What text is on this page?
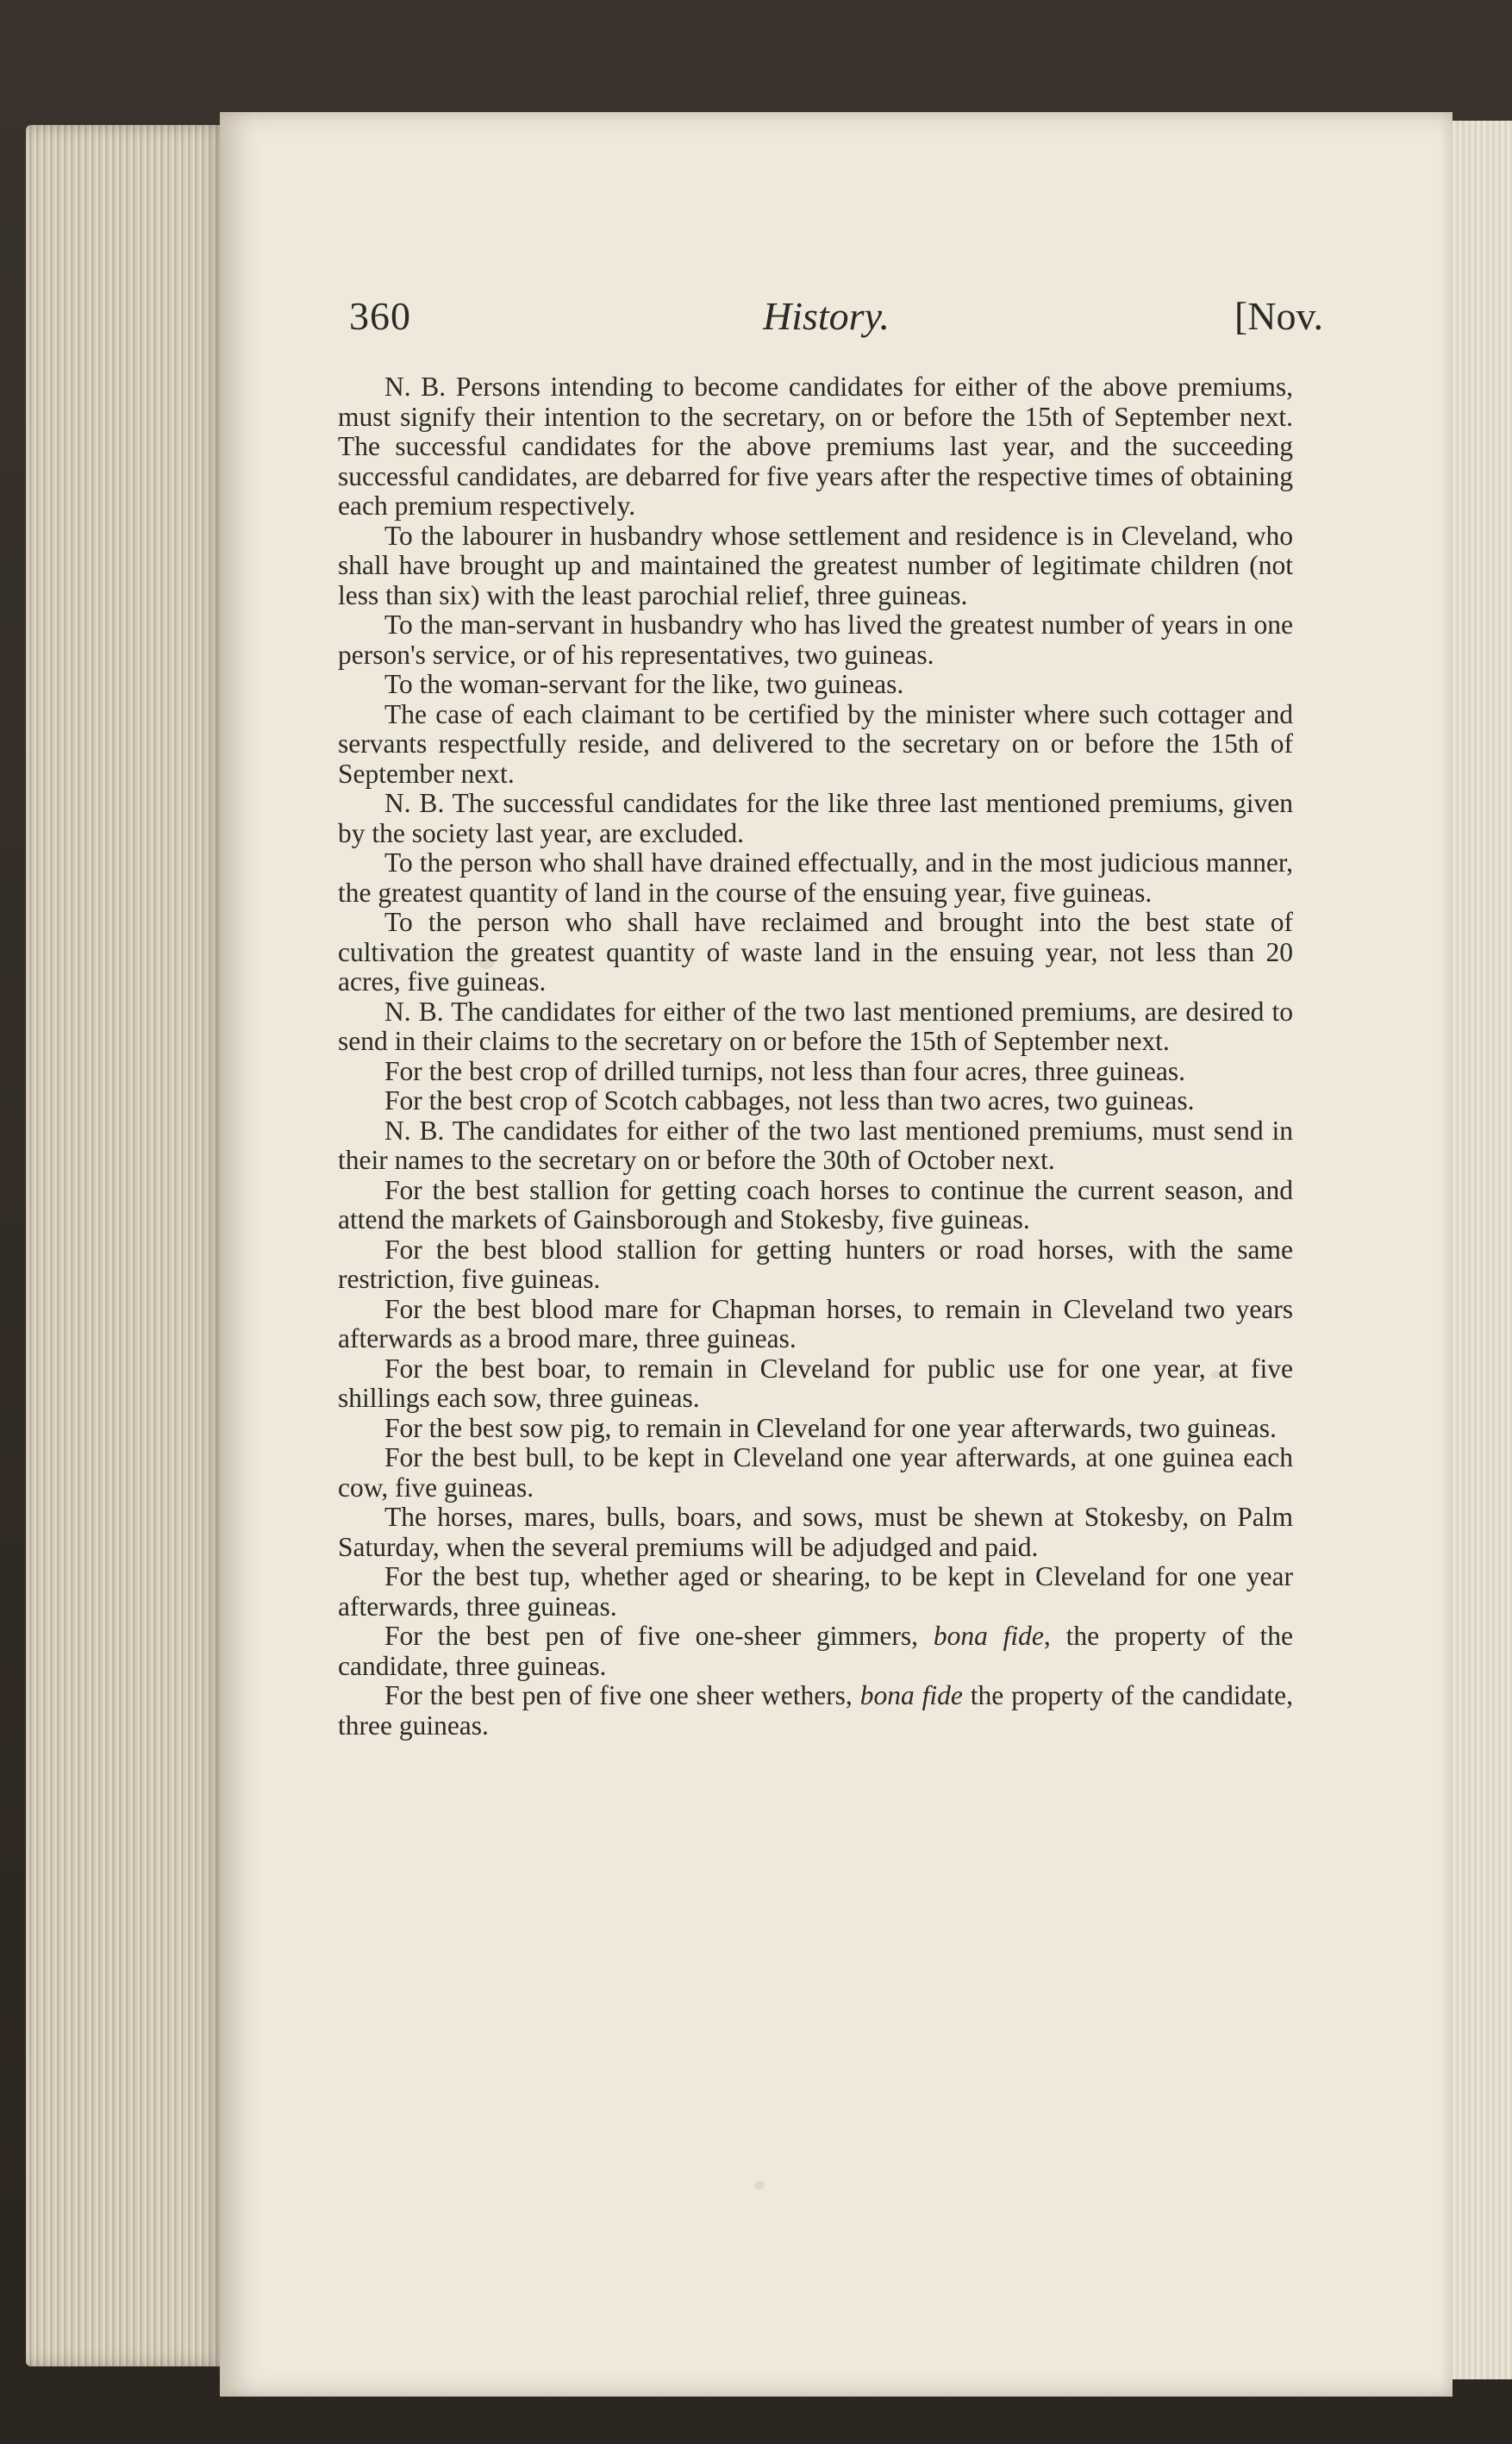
360	History.	[Nov.

N. B. Persons intending to become candidates for either of the above premiums, must signify their intention to the secretary, on or before the 15th of September next. The successful candidates for the above premiums last year, and the succeeding successful candidates, are debarred for five years after the respective times of obtaining each premium respectively.

To the labourer in husbandry whose settlement and residence is in Cleveland, who shall have brought up and maintained the greatest number of legitimate children (not less than six) with the least parochial relief, three guineas.

To the man-servant in husbandry who has lived the greatest number of years in one person's service, or of his representatives, two guineas.

To the woman-servant for the like, two guineas.

The case of each claimant to be certified by the minister where such cottager and servants respectfully reside, and delivered to the secretary on or before the 15th of September next.

N. B. The successful candidates for the like three last mentioned premiums, given by the society last year, are excluded.

To the person who shall have drained effectually, and in the most judicious manner, the greatest quantity of land in the course of the ensuing year, five guineas.

To the person who shall have reclaimed and brought into the best state of cultivation the greatest quantity of waste land in the ensuing year, not less than 20 acres, five guineas.

N. B. The candidates for either of the two last mentioned premiums, are desired to send in their claims to the secretary on or before the 15th of September next.

For the best crop of drilled turnips, not less than four acres, three guineas.

For the best crop of Scotch cabbages, not less than two acres, two guineas.

N. B. The candidates for either of the two last mentioned premiums, must send in their names to the secretary on or before the 30th of October next.

For the best stallion for getting coach horses to continue the current season, and attend the markets of Gainsborough and Stokesby, five guineas.

For the best blood stallion for getting hunters or road horses, with the same restriction, five guineas.

For the best blood mare for Chapman horses, to remain in Cleveland two years afterwards as a brood mare, three guineas.

For the best boar, to remain in Cleveland for public use for one year, at five shillings each sow, three guineas.

For the best sow pig, to remain in Cleveland for one year afterwards, two guineas.

For the best bull, to be kept in Cleveland one year afterwards, at one guinea each cow, five guineas.

The horses, mares, bulls, boars, and sows, must be shewn at Stokesby, on Palm Saturday, when the several premiums will be adjudged and paid.

For the best tup, whether aged or shearing, to be kept in Cleveland for one year afterwards, three guineas.

For the best pen of five one-sheer gimmers, bona fide, the property of the candidate, three guineas.

For the best pen of five one sheer wethers, bona fide the property of the candidate, three guineas.
